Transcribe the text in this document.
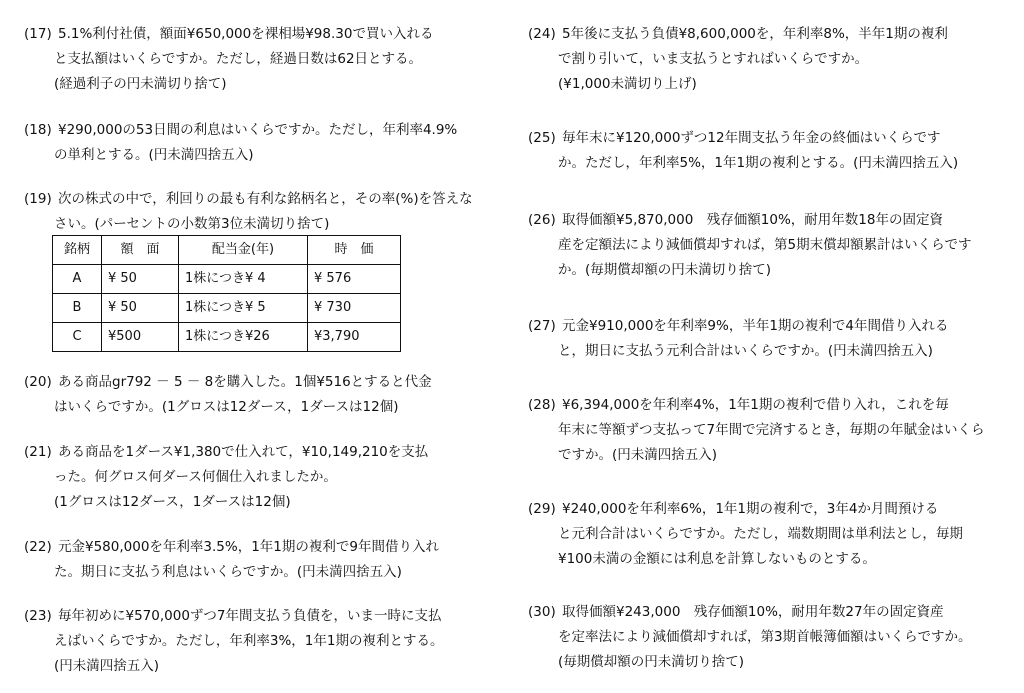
(17) 5.1%利付社債，額面¥650,000を裸相場¥98.30で買い入れる
と支払額はいくらですか。ただし，経過日数は62日とする。
(経過利子の円未満切り捨て)
(18) ¥290,000の53日間の利息はいくらですか。ただし，年利率4.9%
の単利とする。(円未満四捨五入)
(19) 次の株式の中で，利回りの最も有利な銘柄名と，その率(%)を答えな
さい。(パーセントの小数第3位未満切り捨て)
銘柄	額　面	配当金(年)	時　価
A	¥ 50	1株につき¥ 4	¥ 576
B	¥ 50	1株につき¥ 5	¥ 730
C	¥500	1株につき¥26	¥3,790
(20) ある商品gr792 － 5 － 8を購入した。1個¥516とすると代金
はいくらですか。(1グロスは12ダース，1ダースは12個)
(21) ある商品を1ダース¥1,380で仕入れて，¥10,149,210を支払
った。何グロス何ダース何個仕入れましたか。
(1グロスは12ダース，1ダースは12個)
(22) 元金¥580,000を年利率3.5%，1年1期の複利で9年間借り入れ
た。期日に支払う利息はいくらですか。(円未満四捨五入)
(23) 毎年初めに¥570,000ずつ7年間支払う負債を，いま一時に支払
えばいくらですか。ただし，年利率3%，1年1期の複利とする。
(円未満四捨五入)
(24) 5年後に支払う負債¥8,600,000を，年利率8%，半年1期の複利
で割り引いて，いま支払うとすればいくらですか。
(¥1,000未満切り上げ)
(25) 毎年末に¥120,000ずつ12年間支払う年金の終価はいくらです
か。ただし，年利率5%，1年1期の複利とする。(円未満四捨五入)
(26) 取得価額¥5,870,000　残存価額10%，耐用年数18年の固定資
産を定額法により減価償却すれば，第5期末償却額累計はいくらです
か。(毎期償却額の円未満切り捨て)
(27) 元金¥910,000を年利率9%，半年1期の複利で4年間借り入れる
と，期日に支払う元利合計はいくらですか。(円未満四捨五入)
(28) ¥6,394,000を年利率4%，1年1期の複利で借り入れ，これを毎
年末に等額ずつ支払って7年間で完済するとき，毎期の年賦金はいくら
ですか。(円未満四捨五入)
(29) ¥240,000を年利率6%，1年1期の複利で，3年4か月間預ける
と元利合計はいくらですか。ただし，端数期間は単利法とし，毎期
¥100未満の金額には利息を計算しないものとする。
(30) 取得価額¥243,000　残存価額10%，耐用年数27年の固定資産
を定率法により減価償却すれば，第3期首帳簿価額はいくらですか。
(毎期償却額の円未満切り捨て)
